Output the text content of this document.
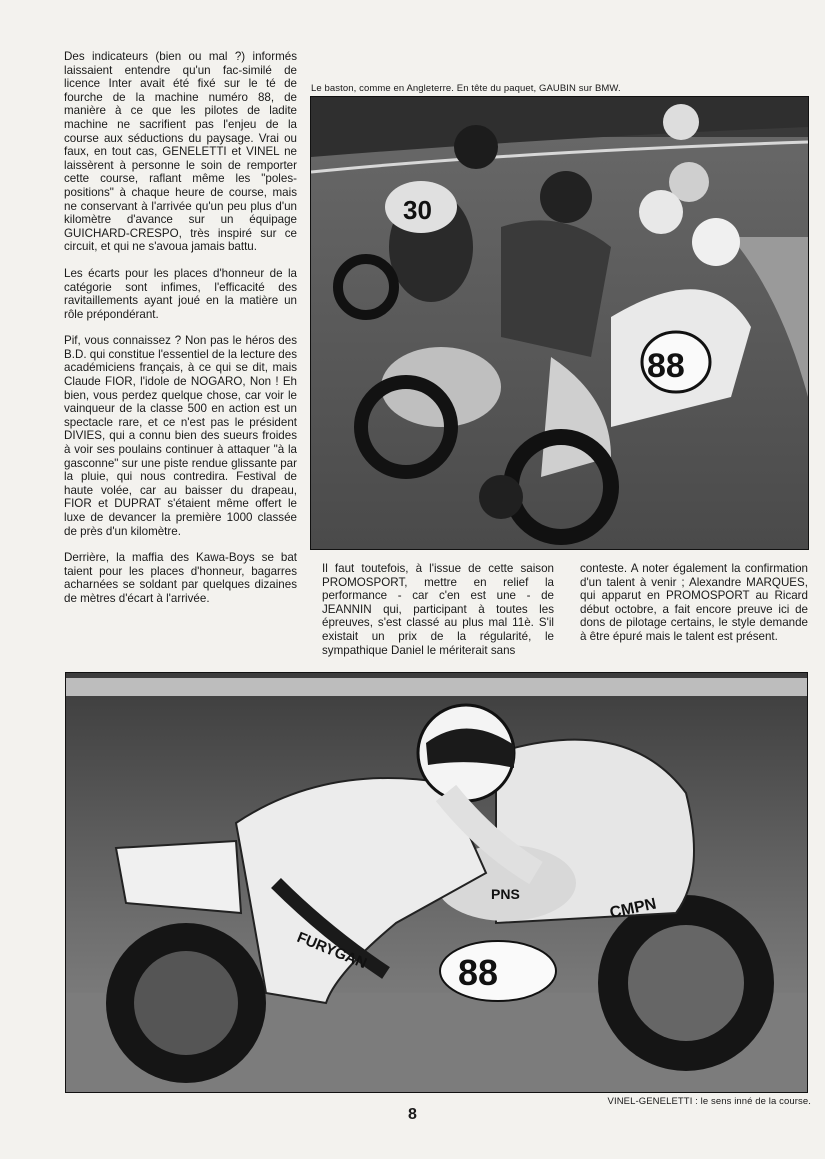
Des indicateurs (bien ou mal ?) informés laissaient entendre qu'un fac-similé de licence Inter avait été fixé sur le té de fourche de la machine numéro 88, de manière à ce que les pilotes de ladite machine ne sacrifient pas l'enjeu de la course aux séductions du paysage. Vrai ou faux, en tout cas, GENELETTI et VINEL ne laissèrent à personne le soin de remporter cette course, raflant même les "poles-positions" à chaque heure de course, mais ne conservant à l'arrivée qu'un peu plus d'un kilomètre d'avance sur un équipage GUICHARD-CRESPO, très inspiré sur ce circuit, et qui ne s'avoua jamais battu.

Les écarts pour les places d'honneur de la catégorie sont infimes, l'efficacité des ravitaillements ayant joué en la matière un rôle prépondérant.

Pif, vous connaissez ? Non pas le héros des B.D. qui constitue l'essentiel de la lecture des académiciens français, à ce qui se dit, mais Claude FIOR, l'idole de NOGARO, Non ! Eh bien, vous perdez quelque chose, car voir le vainqueur de la classe 500 en action est un spectacle rare, et ce n'est pas le président DIVIES, qui a connu bien des sueurs froides à voir ses poulains continuer à attaquer "à la gasconne" sur une piste rendue glissante par la pluie, qui nous contredira. Festival de haute volée, car au baisser du drapeau, FIOR et DUPRAT s'étaient même offert le luxe de devancer la première 1000 classée de près d'un kilomètre.

Derrière, la maffia des Kawa-Boys se bat taient pour les places d'honneur, bagarres acharnées se soldant par quelques dizaines de mètres d'écart à l'arrivée.

Le baston, comme en Angleterre. En tête du paquet, GAUBIN sur BMW.
30
88

Il faut toutefois, à l'issue de cette saison PROMOSPORT, mettre en relief la performance - car c'en est une - de JEANNIN qui, participant à toutes les épreuves, s'est classé au plus mal 11è. S'il existait un prix de la régularité, le sympathique Daniel le mériterait sans

conteste. A noter également la confirmation d'un talent à venir ; Alexandre MARQUES, qui apparut en PROMOSPORT au Ricard début octobre, a fait encore preuve ici de dons de pilotage certains, le style demande à être épuré mais le talent est présent.

CMPN
PNS
88
FURYGAN
VINEL-GENELETTI : le sens inné de la course.
8
